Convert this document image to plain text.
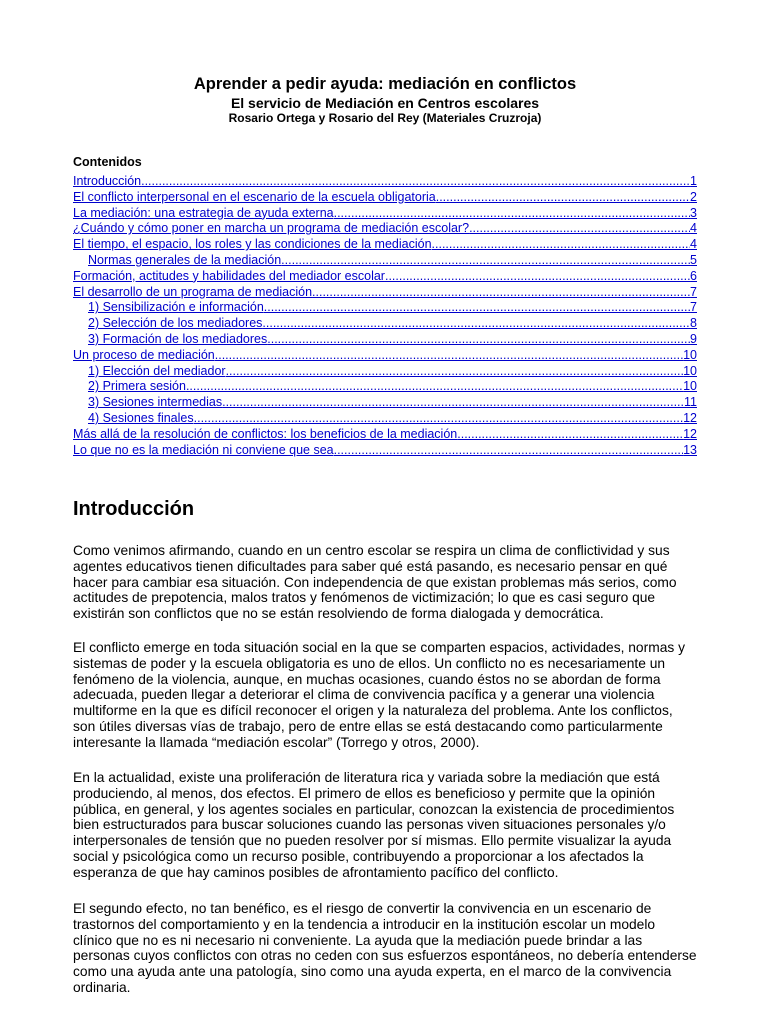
Aprender a pedir ayuda: mediación en conflictos
El servicio de Mediación en Centros escolares
Rosario Ortega y Rosario del Rey (Materiales Cruzroja)
Contenidos
Introducción .....	1
El conflicto interpersonal en el escenario de la escuela obligatoria .....	2
La mediación: una estrategia de ayuda externa .....	3
¿Cuándo y cómo poner en marcha un programa de mediación escolar? .....	4
El tiempo, el espacio, los roles y las condiciones de la mediación .....	4
Normas generales de la mediación .....	5
Formación, actitudes y habilidades del mediador escolar .....	6
El desarrollo de un programa de mediación .....	7
1) Sensibilización e información .....	7
2) Selección de los mediadores .....	8
3) Formación de los mediadores .....	9
Un proceso de mediación .....	10
1) Elección del mediador .....	10
2) Primera sesión .....	10
3) Sesiones intermedias .....	11
4) Sesiones finales .....	12
Más allá de la resolución de conflictos: los beneficios de la mediación .....	12
Lo que no es la mediación ni conviene que sea .....	13
Introducción

Como venimos afirmando, cuando en un centro escolar se respira un clima de conflictividad y sus agentes educativos tienen dificultades para saber qué está pasando, es necesario pensar en qué hacer para cambiar esa situación. Con independencia de que existan problemas más serios, como actitudes de prepotencia, malos tratos y fenómenos de victimización; lo que es casi seguro que existirán son conflictos que no se están resolviendo de forma dialogada y democrática.

El conflicto emerge en toda situación social en la que se comparten espacios, actividades, normas y sistemas de poder y la escuela obligatoria es uno de ellos. Un conflicto no es necesariamente un fenómeno de la violencia, aunque, en muchas ocasiones, cuando éstos no se abordan de forma adecuada, pueden llegar a deteriorar el clima de convivencia pacífica y a generar una violencia multiforme en la que es difícil reconocer el origen y la naturaleza del problema. Ante los conflictos, son útiles diversas vías de trabajo, pero de entre ellas se está destacando como particularmente interesante la llamada “mediación escolar” (Torrego y otros, 2000).

En la actualidad, existe una proliferación de literatura rica y variada sobre la mediación que está produciendo, al menos, dos efectos. El primero de ellos es beneficioso y permite que la opinión pública, en general, y los agentes sociales en particular, conozcan la existencia de procedimientos bien estructurados para buscar soluciones cuando las personas viven situaciones personales y/o interpersonales de tensión que no pueden resolver por sí mismas. Ello permite visualizar la ayuda social y psicológica como un recurso posible, contribuyendo a proporcionar a los afectados la esperanza de que hay caminos posibles de afrontamiento pacífico del conflicto.

El segundo efecto, no tan benéfico, es el riesgo de convertir la convivencia en un escenario de trastornos del comportamiento y en la tendencia a introducir en la institución escolar un modelo clínico que no es ni necesario ni conveniente. La ayuda que la mediación puede brindar a las personas cuyos conflictos con otras no ceden con sus esfuerzos espontáneos, no debería entenderse como una ayuda ante una patología, sino como una ayuda experta, en el marco de la convivencia ordinaria.
